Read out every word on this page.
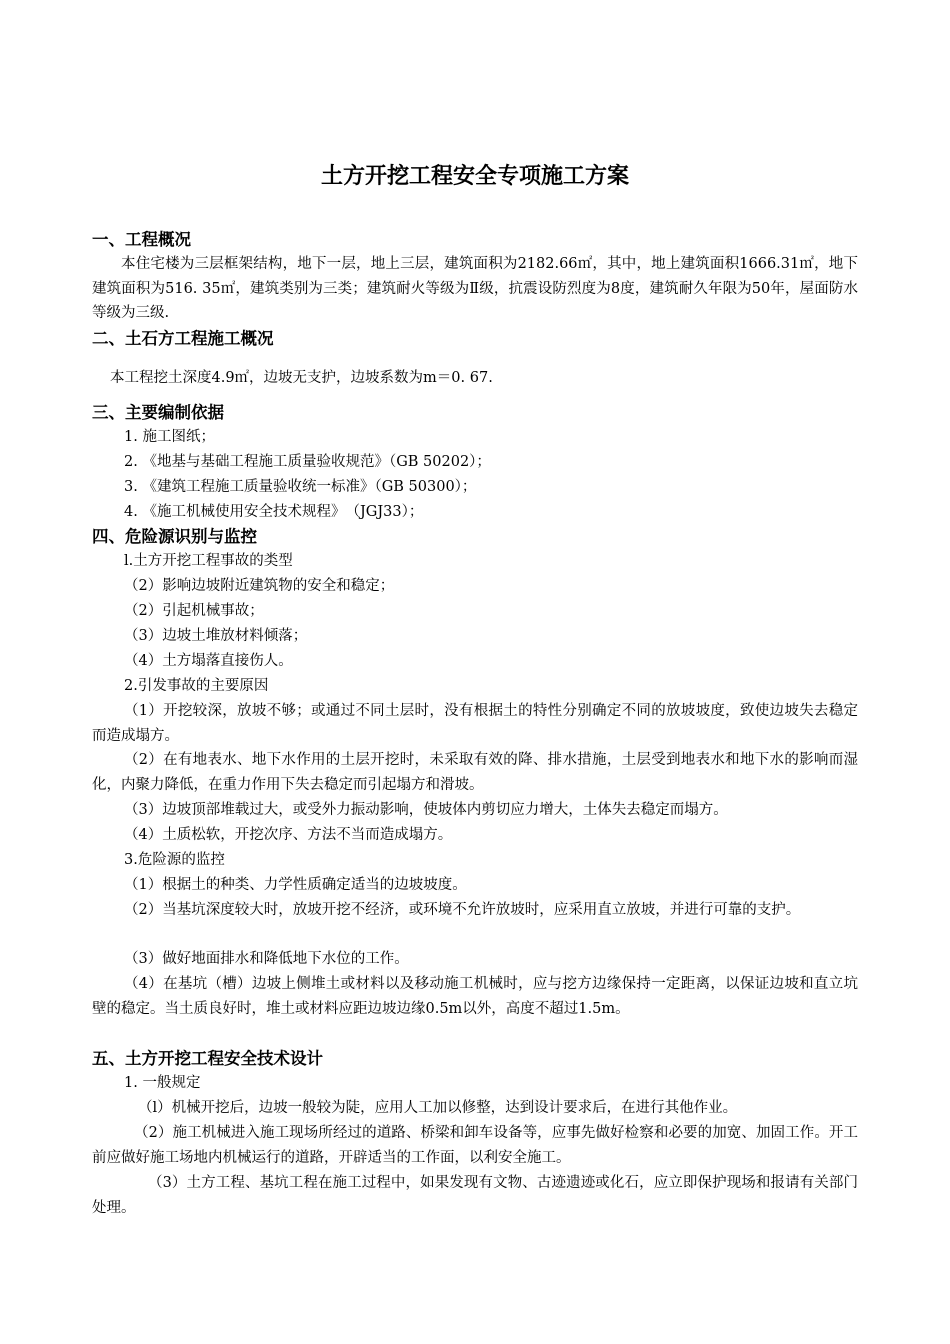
土方开挖工程安全专项施工方案
一、工程概况

本住宅楼为三层框架结构，地下一层，地上三层，建筑面积为2182.66㎡，其中，地上建筑面积1666.31㎡，地下建筑面积为516. 35㎡，建筑类别为三类；建筑耐火等级为Ⅱ级，抗震设防烈度为8度，建筑耐久年限为50年，屋面防水等级为三级.

二、土石方工程施工概况
本工程挖土深度4.9㎡，边坡无支护，边坡系数为m＝0. 67.
三、主要编制依据
1. 施工图纸；
2. 《地基与基础工程施工质量验收规范》（GB 50202）；
3. 《建筑工程施工质量验收统一标准》（GB 50300）；
4. 《施工机械使用安全技术规程》　（JGJ33）；
四、危险源识别与监控
l.土方开挖工程事故的类型
（2）影响边坡附近建筑物的安全和稳定；
（2）引起机械事故；
（3）边坡土堆放材料倾落；
（4）土方塌落直接伤人。
2.引发事故的主要原因

（1）开挖较深，放坡不够；或通过不同土层时，没有根据土的特性分别确定不同的放坡坡度，致使边坡失去稳定而造成塌方。

（2）在有地表水、地下水作用的土层开挖时，未采取有效的降、排水措施，土层受到地表水和地下水的影响而湿化，内聚力降低，在重力作用下失去稳定而引起塌方和滑坡。

（3）边坡顶部堆载过大，或受外力振动影响，使坡体内剪切应力增大，土体失去稳定而塌方。
（4）土质松软，开挖次序、方法不当而造成塌方。
3.危险源的监控
（1）根据土的种类、力学性质确定适当的边坡坡度。

（2）当基坑深度较大时，放坡开挖不经济，或环境不允许放坡时，应采用直立放坡，并进行可靠的支护。

（3）做好地面排水和降低地下水位的工作。

（4）在基坑（槽）边坡上侧堆土或材料以及移动施工机械时，应与挖方边缘保持一定距离，以保证边坡和直立坑壁的稳定。当土质良好时，堆土或材料应距边坡边缘0.5m以外，高度不超过1.5m。

五、土方开挖工程安全技术设计
1. 一般规定
（l）机械开挖后，边坡一般较为陡，应用人工加以修整，达到设计要求后，在进行其他作业。

（2）施工机械进入施工现场所经过的道路、桥梁和卸车设备等，应事先做好检察和必要的加宽、加固工作。开工前应做好施工场地内机械运行的道路，开辟适当的工作面，以利安全施工。

（3）土方工程、基坑工程在施工过程中，如果发现有文物、古迹遗迹或化石，应立即保护现场和报请有关部门处理。
